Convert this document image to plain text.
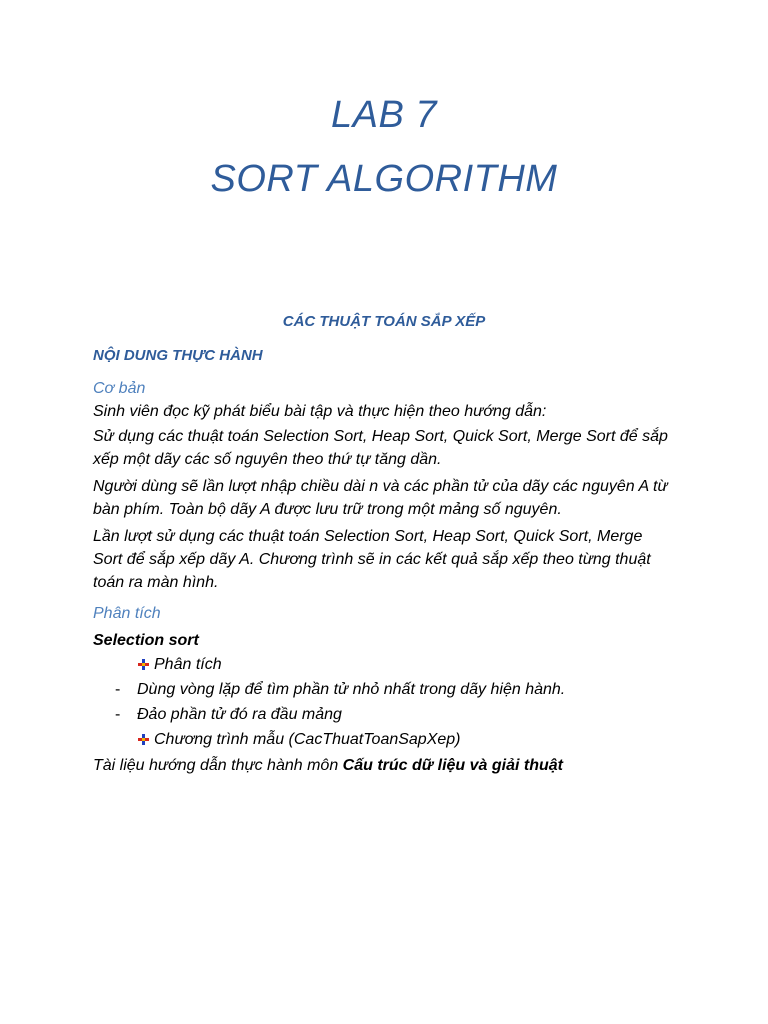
LAB 7
SORT ALGORITHM
CÁC THUẬT TOÁN SẮP XẾP
NỘI DUNG THỰC HÀNH
Cơ bản
Sinh viên đọc kỹ phát biểu bài tập và thực hiện theo hướng dẫn:
Sử dụng các thuật toán Selection Sort, Heap Sort, Quick Sort, Merge Sort để sắp xếp một dãy các số nguyên theo thứ tự tăng dần.
Người dùng sẽ lần lượt nhập chiều dài n và các phần tử của dãy các nguyên A từ bàn phím. Toàn bộ dãy A được lưu trữ trong một mảng số nguyên.
Lần lượt sử dụng các thuật toán Selection Sort, Heap Sort, Quick Sort, Merge Sort để sắp xếp dãy A. Chương trình sẽ in các kết quả sắp xếp theo từng thuật toán ra màn hình.
Phân tích
Selection sort
Phân tích
-	Dùng vòng lặp để tìm phần tử nhỏ nhất trong dãy hiện hành.
-	Đảo phần tử đó ra đầu mảng
Chương trình mẫu (CacThuatToanSapXep)
Tài liệu hướng dẫn thực hành môn Cấu trúc dữ liệu và giải thuật
